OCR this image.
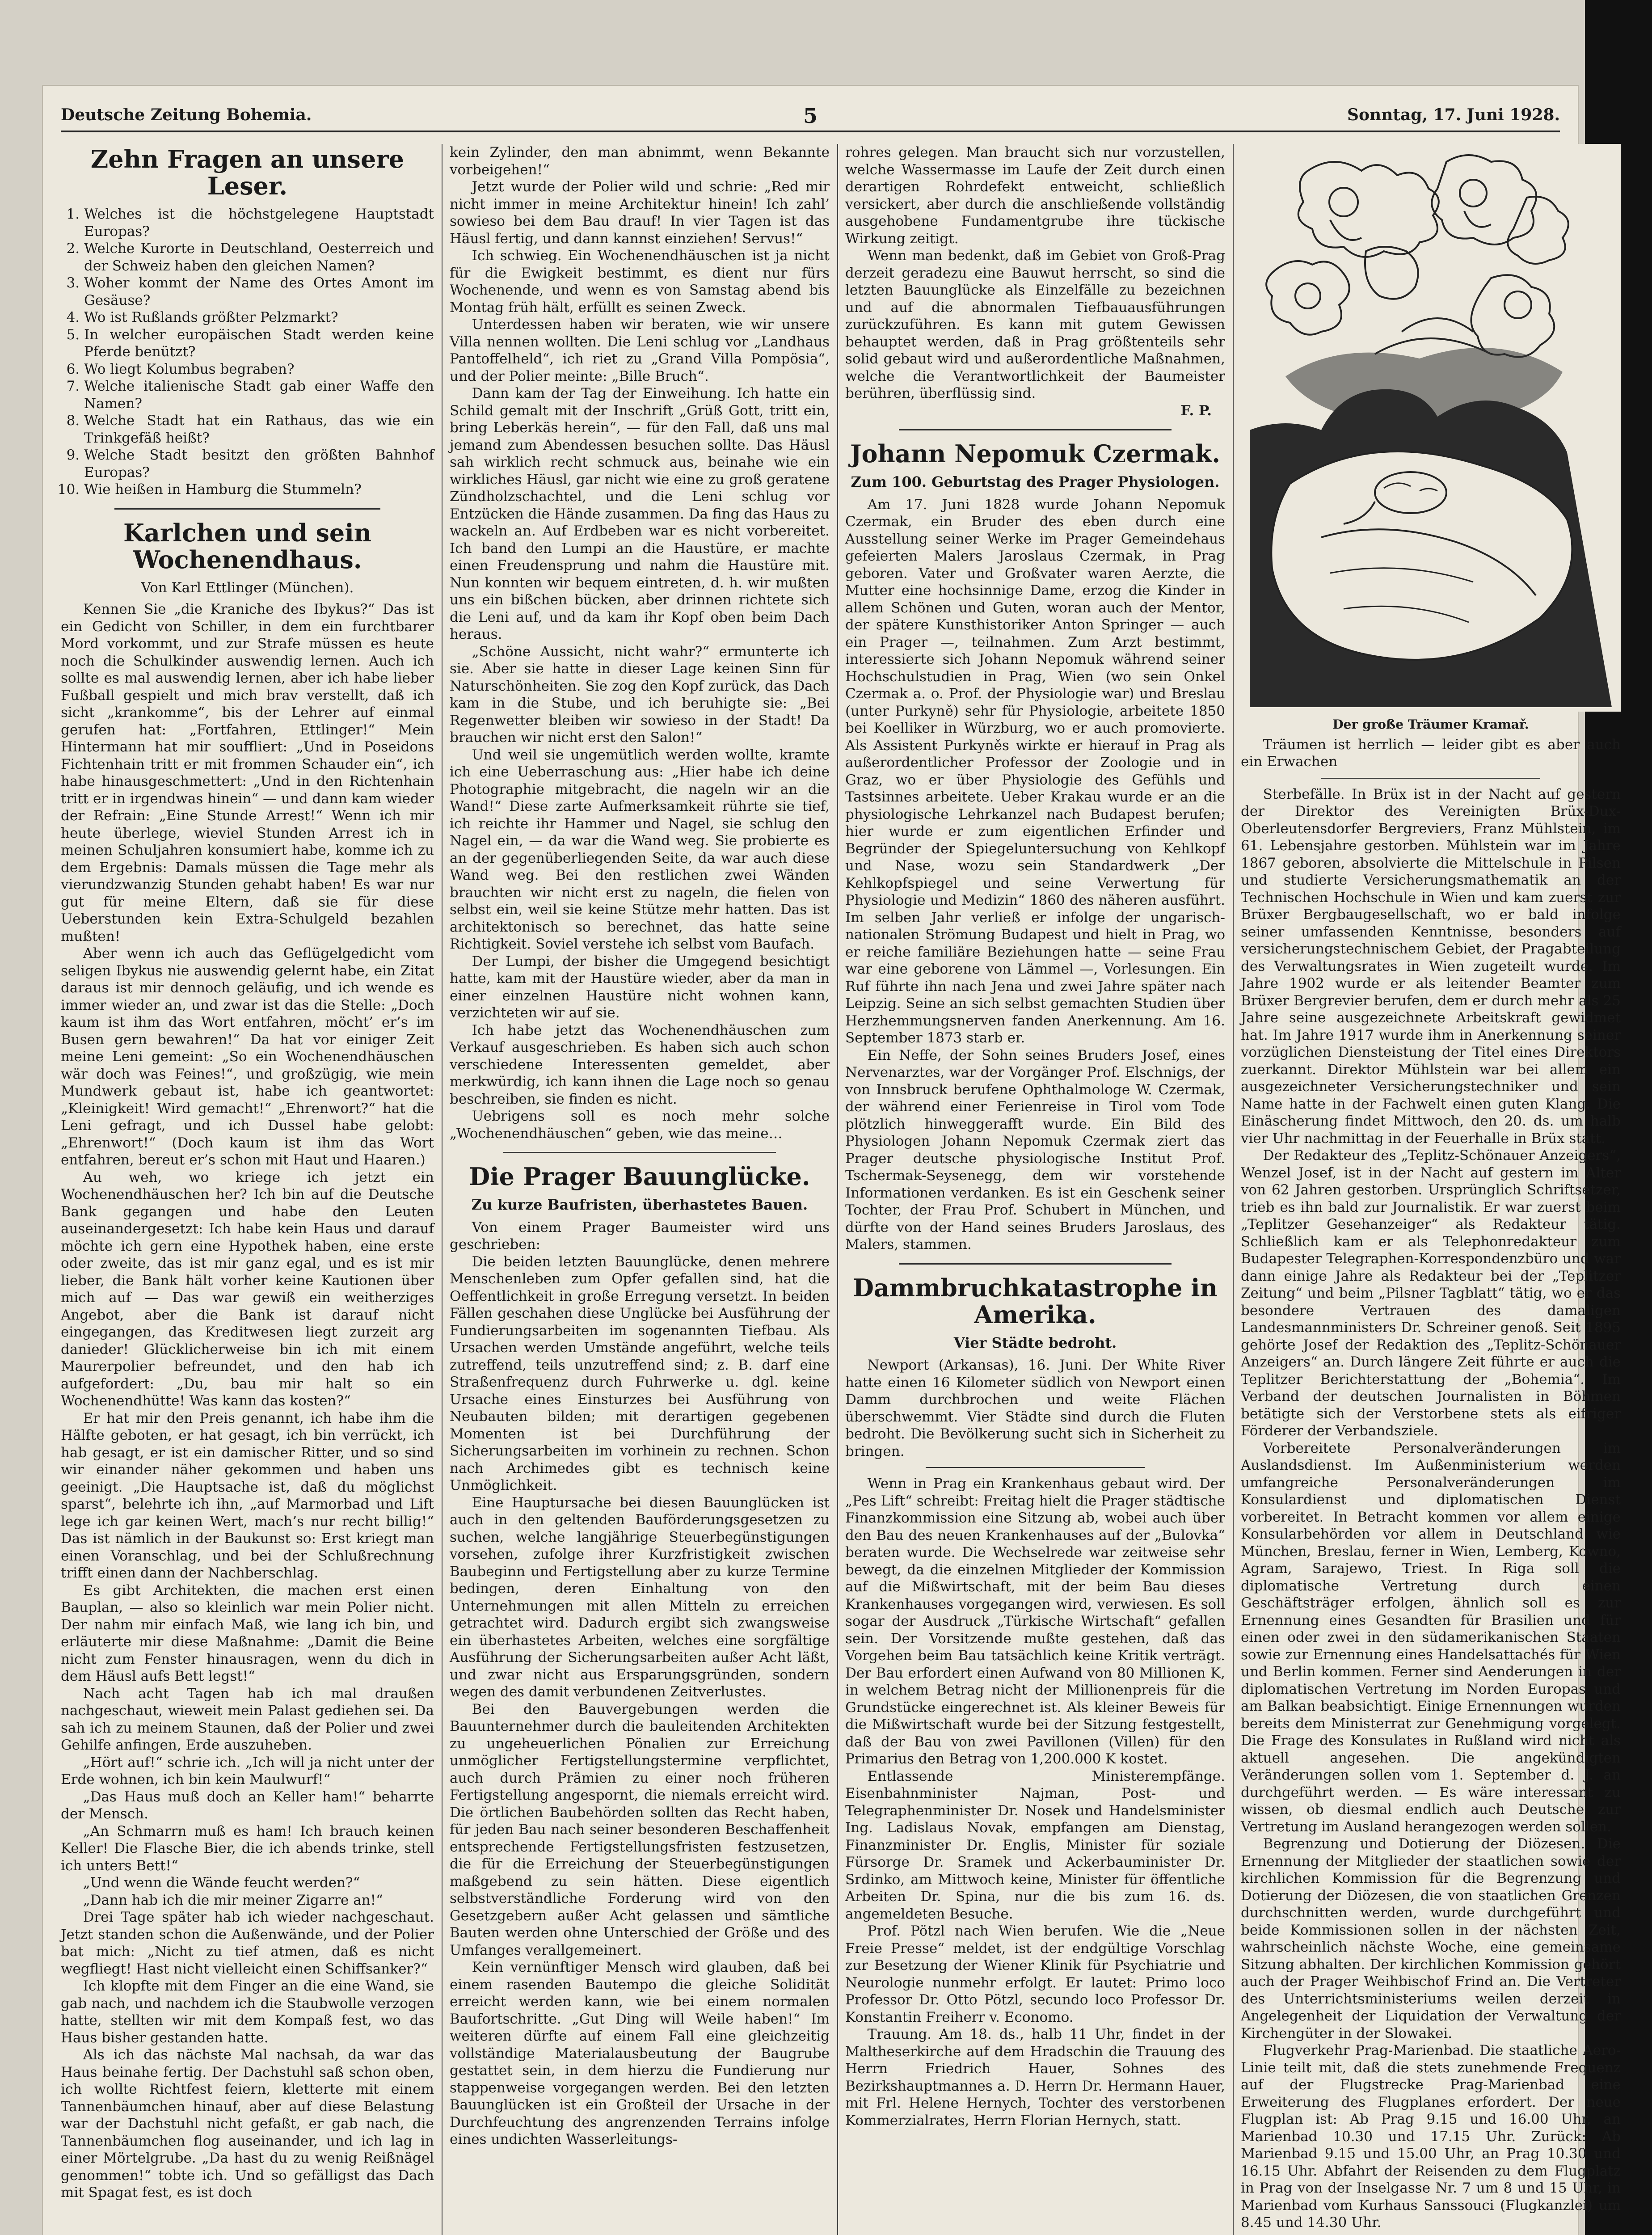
Deutsche Zeitung Bohemia.	5	Sonntag, 17. Juni 1928.
Zehn Fragen an unsere Leser.
1. Welches ist die höchstgelegene Hauptstadt Europas?
2. Welche Kurorte in Deutschland, Oesterreich und der Schweiz haben den gleichen Namen?
3. Woher kommt der Name des Ortes Amont im Gesäuse?
4. Wo ist Rußlands größter Pelzmarkt?
5. In welcher europäischen Stadt werden keine Pferde benützt?
6. Wo liegt Kolumbus begraben?
7. Welche italienische Stadt gab einer Waffe den Namen?
8. Welche Stadt hat ein Rathaus, das wie ein Trinkgefäß heißt?
9. Welche Stadt besitzt den größten Bahnhof Europas?
10. Wie heißen in Hamburg die Stummeln?
Karlchen und sein Wochenendhaus.
Von Karl Ettlinger (München).

Kennen Sie „die Kraniche des Ibykus?“ Das ist ein Gedicht von Schiller, in dem ein furchtbarer Mord vorkommt, und zur Strafe müssen es heute noch die Schulkinder auswendig lernen. Auch ich sollte es mal auswendig lernen, aber ich habe lieber Fußball gespielt und mich brav verstellt, daß ich sicht „krankomme“, bis der Lehrer auf einmal gerufen hat: „Fortfahren, Ettlinger!“ Mein Hintermann hat mir souffliert: „Und in Poseidons Fichtenhain tritt er mit frommen Schauder ein“, ich habe hinausgeschmettert: „Und in den Richtenhain tritt er in irgendwas hinein“ — und dann kam wieder der Refrain: „Eine Stunde Arrest!“ Wenn ich mir heute überlege, wieviel Stunden Arrest ich in meinen Schuljahren konsumiert habe, komme ich zu dem Ergebnis: Damals müssen die Tage mehr als vierundzwanzig Stunden gehabt haben! Es war nur gut für meine Eltern, daß sie für diese Ueberstunden kein Extra-Schulgeld bezahlen mußten!

Aber wenn ich auch das Geflügelgedicht vom seligen Ibykus nie auswendig gelernt habe, ein Zitat daraus ist mir dennoch geläufig, und ich wende es immer wieder an, und zwar ist das die Stelle: „Doch kaum ist ihm das Wort entfahren, möcht’ er’s im Busen gern bewahren!“ Da hat vor einiger Zeit meine Leni gemeint: „So ein Wochenendhäuschen wär doch was Feines!“, und großzügig, wie mein Mundwerk gebaut ist, habe ich geantwortet: „Kleinigkeit! Wird gemacht!“ „Ehrenwort?“ hat die Leni gefragt, und ich Dussel habe gelobt: „Ehrenwort!“ (Doch kaum ist ihm das Wort entfahren, bereut er’s schon mit Haut und Haaren.)

Au weh, wo kriege ich jetzt ein Wochenendhäuschen her? Ich bin auf die Deutsche Bank gegangen und habe den Leuten auseinandergesetzt: Ich habe kein Haus und darauf möchte ich gern eine Hypothek haben, eine erste oder zweite, das ist mir ganz egal, und es ist mir lieber, die Bank hält vorher keine Kautionen über mich auf — Das war gewiß ein weitherziges Angebot, aber die Bank ist darauf nicht eingegangen, das Kreditwesen liegt zurzeit arg danieder! Glücklicherweise bin ich mit einem Maurerpolier befreundet, und den hab ich aufgefordert: „Du, bau mir halt so ein Wochenendhütte! Was kann das kosten?“

Er hat mir den Preis genannt, ich habe ihm die Hälfte geboten, er hat gesagt, ich bin verrückt, ich hab gesagt, er ist ein damischer Ritter, und so sind wir einander näher gekommen und haben uns geeinigt. „Die Hauptsache ist, daß du möglichst sparst“, belehrte ich ihn, „auf Marmorbad und Lift lege ich gar keinen Wert, mach’s nur recht billig!“ Das ist nämlich in der Baukunst so: Erst kriegt man einen Voranschlag, und bei der Schlußrechnung trifft einen dann der Nachberschlag.

Es gibt Architekten, die machen erst einen Bauplan, — also so kleinlich war mein Polier nicht. Der nahm mir einfach Maß, wie lang ich bin, und erläuterte mir diese Maßnahme: „Damit die Beine nicht zum Fenster hinausragen, wenn du dich in dem Häusl aufs Bett legst!“

Nach acht Tagen hab ich mal draußen nachgeschaut, wieweit mein Palast gediehen sei. Da sah ich zu meinem Staunen, daß der Polier und zwei Gehilfe anfingen, Erde auszuheben.

„Hört auf!“ schrie ich. „Ich will ja nicht unter der Erde wohnen, ich bin kein Maulwurf!“

„Das Haus muß doch an Keller ham!“ beharrte der Mensch.

„An Schmarrn muß es ham! Ich brauch keinen Keller! Die Flasche Bier, die ich abends trinke, stell ich unters Bett!“

„Und wenn die Wände feucht werden?“

„Dann hab ich die mir meiner Zigarre an!“

Drei Tage später hab ich wieder nachgeschaut. Jetzt standen schon die Außenwände, und der Polier bat mich: „Nicht zu tief atmen, daß es nicht wegfliegt! Hast nicht vielleicht einen Schiffsanker?“

Ich klopfte mit dem Finger an die eine Wand, sie gab nach, und nachdem ich die Staubwolle verzogen hatte, stellten wir mit dem Kompaß fest, wo das Haus bisher gestanden hatte.

Als ich das nächste Mal nachsah, da war das Haus beinahe fertig. Der Dachstuhl saß schon oben, ich wollte Richtfest feiern, kletterte mit einem Tannenbäumchen hinauf, aber auf diese Belastung war der Dachstuhl nicht gefaßt, er gab nach, die Tannenbäumchen flog auseinander, und ich lag in einer Mörtelgrube. „Da hast du zu wenig Reißnägel genommen!“ tobte ich. Und so gefälligst das Dach mit Spagat fest, es ist doch

kein Zylinder, den man abnimmt, wenn Bekannte vorbeigehen!“

Jetzt wurde der Polier wild und schrie: „Red mir nicht immer in meine Architektur hinein! Ich zahl’ sowieso bei dem Bau drauf! In vier Tagen ist das Häusl fertig, und dann kannst einziehen! Servus!“

Ich schwieg. Ein Wochenendhäuschen ist ja nicht für die Ewigkeit bestimmt, es dient nur fürs Wochenende, und wenn es von Samstag abend bis Montag früh hält, erfüllt es seinen Zweck.

Unterdessen haben wir beraten, wie wir unsere Villa nennen wollten. Die Leni schlug vor „Landhaus Pantoffelheld“, ich riet zu „Grand Villa Pompösia“, und der Polier meinte: „Bille Bruch“.

Dann kam der Tag der Einweihung. Ich hatte ein Schild gemalt mit der Inschrift „Grüß Gott, tritt ein, bring Leberkäs herein“, — für den Fall, daß uns mal jemand zum Abendessen besuchen sollte. Das Häusl sah wirklich recht schmuck aus, beinahe wie ein wirkliches Häusl, gar nicht wie eine zu groß geratene Zündholzschachtel, und die Leni schlug vor Entzücken die Hände zusammen. Da fing das Haus zu wackeln an. Auf Erdbeben war es nicht vorbereitet. Ich band den Lumpi an die Haustüre, er machte einen Freudensprung und nahm die Haustüre mit. Nun konnten wir bequem eintreten, d. h. wir mußten uns ein bißchen bücken, aber drinnen richtete sich die Leni auf, und da kam ihr Kopf oben beim Dach heraus.

„Schöne Aussicht, nicht wahr?“ ermunterte ich sie. Aber sie hatte in dieser Lage keinen Sinn für Naturschönheiten. Sie zog den Kopf zurück, das Dach kam in die Stube, und ich beruhigte sie: „Bei Regenwetter bleiben wir sowieso in der Stadt! Da brauchen wir nicht erst den Salon!“

Und weil sie ungemütlich werden wollte, kramte ich eine Ueberraschung aus: „Hier habe ich deine Photographie mitgebracht, die nageln wir an die Wand!“ Diese zarte Aufmerksamkeit rührte sie tief, ich reichte ihr Hammer und Nagel, sie schlug den Nagel ein, — da war die Wand weg. Sie probierte es an der gegenüberliegenden Seite, da war auch diese Wand weg. Bei den restlichen zwei Wänden brauchten wir nicht erst zu nageln, die fielen von selbst ein, weil sie keine Stütze mehr hatten. Das ist architektonisch so berechnet, das hatte seine Richtigkeit. Soviel verstehe ich selbst vom Baufach.

Der Lumpi, der bisher die Umgegend besichtigt hatte, kam mit der Haustüre wieder, aber da man in einer einzelnen Haustüre nicht wohnen kann, verzichteten wir auf sie.

Ich habe jetzt das Wochenendhäuschen zum Verkauf ausgeschrieben. Es haben sich auch schon verschiedene Interessenten gemeldet, aber merkwürdig, ich kann ihnen die Lage noch so genau beschreiben, sie finden es nicht.

Uebrigens soll es noch mehr solche „Wochenendhäuschen“ geben, wie das meine…

Die Prager Bauunglücke.
Zu kurze Baufristen, überhastetes Bauen.

Von einem Prager Baumeister wird uns geschrieben:

Die beiden letzten Bauunglücke, denen mehrere Menschenleben zum Opfer gefallen sind, hat die Oeffentlichkeit in große Erregung versetzt. In beiden Fällen geschahen diese Unglücke bei Ausführung der Fundierungsarbeiten im sogenannten Tiefbau. Als Ursachen werden Umstände angeführt, welche teils zutreffend, teils unzutreffend sind; z. B. darf eine Straßenfrequenz durch Fuhrwerke u. dgl. keine Ursache eines Einsturzes bei Ausführung von Neubauten bilden; mit derartigen gegebenen Momenten ist bei Durchführung der Sicherungsarbeiten im vorhinein zu rechnen. Schon nach Archimedes gibt es technisch keine Unmöglichkeit.

Eine Hauptursache bei diesen Bauunglücken ist auch in den geltenden Bauförderungsgesetzen zu suchen, welche langjährige Steuerbegünstigungen vorsehen, zufolge ihrer Kurzfristigkeit zwischen Baubeginn und Fertigstellung aber zu kurze Termine bedingen, deren Einhaltung von den Unternehmungen mit allen Mitteln zu erreichen getrachtet wird. Dadurch ergibt sich zwangsweise ein überhastetes Arbeiten, welches eine sorgfältige Ausführung der Sicherungsarbeiten außer Acht läßt, und zwar nicht aus Ersparungsgründen, sondern wegen des damit verbundenen Zeitverlustes.

Bei den Bauvergebungen werden die Bauunternehmer durch die bauleitenden Architekten zu ungeheuerlichen Pönalien zur Erreichung unmöglicher Fertigstellungstermine verpflichtet, auch durch Prämien zu einer noch früheren Fertigstellung angespornt, die niemals erreicht wird. Die örtlichen Baubehörden sollten das Recht haben, für jeden Bau nach seiner besonderen Beschaffenheit entsprechende Fertigstellungsfristen festzusetzen, die für die Erreichung der Steuerbegünstigungen maßgebend zu sein hätten. Diese eigentlich selbstverständliche Forderung wird von den Gesetzgebern außer Acht gelassen und sämtliche Bauten werden ohne Unterschied der Größe und des Umfanges verallgemeinert.

Kein vernünftiger Mensch wird glauben, daß bei einem rasenden Bautempo die gleiche Solidität erreicht werden kann, wie bei einem normalen Baufortschritte. „Gut Ding will Weile haben!“ Im weiteren dürfte auf einem Fall eine gleichzeitig vollständige Materialausbeutung der Baugrube gestattet sein, in dem hierzu die Fundierung nur stappenweise vorgegangen werden. Bei den letzten Bauunglücken ist ein Großteil der Ursache in der Durchfeuchtung des angrenzenden Terrains infolge eines undichten Wasserleitungs-

rohres gelegen. Man braucht sich nur vorzustellen, welche Wassermasse im Laufe der Zeit durch einen derartigen Rohrdefekt entweicht, schließlich versickert, aber durch die anschließende vollständig ausgehobene Fundamentgrube ihre tückische Wirkung zeitigt.

Wenn man bedenkt, daß im Gebiet von Groß-Prag derzeit geradezu eine Bauwut herrscht, so sind die letzten Bauunglücke als Einzelfälle zu bezeichnen und auf die abnormalen Tiefbauausführungen zurückzuführen. Es kann mit gutem Gewissen behauptet werden, daß in Prag größtenteils sehr solid gebaut wird und außerordentliche Maßnahmen, welche die Verantwortlichkeit der Baumeister berühren, überflüssig sind.

F. P.
Johann Nepomuk Czermak.
Zum 100. Geburtstag des Prager Physiologen.

Am 17. Juni 1828 wurde Johann Nepomuk Czermak, ein Bruder des eben durch eine Ausstellung seiner Werke im Prager Gemeindehaus gefeierten Malers Jaroslaus Czermak, in Prag geboren. Vater und Großvater waren Aerzte, die Mutter eine hochsinnige Dame, erzog die Kinder in allem Schönen und Guten, woran auch der Mentor, der spätere Kunsthistoriker Anton Springer — auch ein Prager —, teilnahmen. Zum Arzt bestimmt, interessierte sich Johann Nepomuk während seiner Hochschulstudien in Prag, Wien (wo sein Onkel Czermak a. o. Prof. der Physiologie war) und Breslau (unter Purkyně) sehr für Physiologie, arbeitete 1850 bei Koelliker in Würzburg, wo er auch promovierte. Als Assistent Purkyněs wirkte er hierauf in Prag als außerordentlicher Professor der Zoologie und in Graz, wo er über Physiologie des Gefühls und Tastsinnes arbeitete. Ueber Krakau wurde er an die physiologische Lehrkanzel nach Budapest berufen; hier wurde er zum eigentlichen Erfinder und Begründer der Spiegeluntersuchung von Kehlkopf und Nase, wozu sein Standardwerk „Der Kehlkopfspiegel und seine Verwertung für Physiologie und Medizin“ 1860 des näheren ausführt. Im selben Jahr verließ er infolge der ungarisch-nationalen Strömung Budapest und hielt in Prag, wo er reiche familiäre Beziehungen hatte — seine Frau war eine geborene von Lämmel —, Vorlesungen. Ein Ruf führte ihn nach Jena und zwei Jahre später nach Leipzig. Seine an sich selbst gemachten Studien über Herzhemmungsnerven fanden Anerkennung. Am 16. September 1873 starb er.

Ein Neffe, der Sohn seines Bruders Josef, eines Nervenarztes, war der Vorgänger Prof. Elschnigs, der von Innsbruck berufene Ophthalmologe W. Czermak, der während einer Ferienreise in Tirol vom Tode plötzlich hinweggerafft wurde. Ein Bild des Physiologen Johann Nepomuk Czermak ziert das Prager deutsche physiologische Institut Prof. Tschermak-Seysenegg, dem wir vorstehende Informationen verdanken. Es ist ein Geschenk seiner Tochter, der Frau Prof. Schubert in München, und dürfte von der Hand seines Bruders Jaroslaus, des Malers, stammen.

Dammbruchkatastrophe in Amerika.
Vier Städte bedroht.

Newport (Arkansas), 16. Juni. Der White River hatte einen 16 Kilometer südlich von Newport einen Damm durchbrochen und weite Flächen überschwemmt. Vier Städte sind durch die Fluten bedroht. Die Bevölkerung sucht sich in Sicherheit zu bringen.

Wenn in Prag ein Krankenhaus gebaut wird. Der „Pes Lift“ schreibt: Freitag hielt die Prager städtische Finanzkommission eine Sitzung ab, wobei auch über den Bau des neuen Krankenhauses auf der „Bulovka“ beraten wurde. Die Wechselrede war zeitweise sehr bewegt, da die einzelnen Mitglieder der Kommission auf die Mißwirtschaft, mit der beim Bau dieses Krankenhauses vorgegangen wird, verwiesen. Es soll sogar der Ausdruck „Türkische Wirtschaft“ gefallen sein. Der Vorsitzende mußte gestehen, daß das Vorgehen beim Bau tatsächlich keine Kritik verträgt. Der Bau erfordert einen Aufwand von 80 Millionen K, in welchem Betrag nicht der Millionenpreis für die Grundstücke eingerechnet ist. Als kleiner Beweis für die Mißwirtschaft wurde bei der Sitzung festgestellt, daß der Bau von zwei Pavillonen (Villen) für den Primarius den Betrag von 1,200.000 K kostet.

Entlassende Ministerempfänge. Eisenbahnminister Najman, Post- und Telegraphenminister Dr. Nosek und Handelsminister Ing. Ladislaus Novak, empfangen am Dienstag, Finanzminister Dr. Englis, Minister für soziale Fürsorge Dr. Sramek und Ackerbauminister Dr. Srdinko, am Mittwoch keine, Minister für öffentliche Arbeiten Dr. Spina, nur die bis zum 16. ds. angemeldeten Besuche.

Prof. Pötzl nach Wien berufen. Wie die „Neue Freie Presse“ meldet, ist der endgültige Vorschlag zur Besetzung der Wiener Klinik für Psychiatrie und Neurologie nunmehr erfolgt. Er lautet: Primo loco Professor Dr. Otto Pötzl, secundo loco Professor Dr. Konstantin Freiherr v. Economo.

Trauung. Am 18. ds., halb 11 Uhr, findet in der Maltheserkirche auf dem Hradschin die Trauung des Herrn Friedrich Hauer, Sohnes des Bezirkshauptmannes a. D. Herrn Dr. Hermann Hauer, mit Frl. Helene Hernych, Tochter des verstorbenen Kommerzialrates, Herrn Florian Hernych, statt.

Der große Träumer Kramař.

Träumen ist herrlich — leider gibt es aber auch ein Erwachen

Sterbefälle. In Brüx ist in der Nacht auf gestern der Direktor des Vereinigten Brüx-Dux-Oberleutensdorfer Bergreviers, Franz Mühlstein, im 61. Lebensjahre gestorben. Mühlstein war im Jahre 1867 geboren, absolvierte die Mittelschule in Pilsen und studierte Versicherungsmathematik an der Technischen Hochschule in Wien und kam zuerst zur Brüxer Bergbaugesellschaft, wo er bald infolge seiner umfassenden Kenntnisse, besonders auf versicherungstechnischem Gebiet, der Pragabteilung des Verwaltungsrates in Wien zugeteilt wurde. Im Jahre 1902 wurde er als leitender Beamter zum Brüxer Bergrevier berufen, dem er durch mehr als 25 Jahre seine ausgezeichnete Arbeitskraft gewidmet hat. Im Jahre 1917 wurde ihm in Anerkennung seiner vorzüglichen Diensteistung der Titel eines Direktors zuerkannt. Direktor Mühlstein war bei allem ein ausgezeichneter Versicherungstechniker und sein Name hatte in der Fachwelt einen guten Klang. Die Einäscherung findet Mittwoch, den 20. ds. um halb vier Uhr nachmittag in der Feuerhalle in Brüx statt.

Der Redakteur des „Teplitz-Schönauer Anzeigers“, Wenzel Josef, ist in der Nacht auf gestern im Alter von 62 Jahren gestorben. Ursprünglich Schriftsetzer, trieb es ihn bald zur Journalistik. Er war zuerst beim „Teplitzer Gesehanzeiger“ als Redakteur tätig. Schließlich kam er als Telephonredakteur zum Budapester Telegraphen-Korrespondenzbüro und war dann einige Jahre als Redakteur bei der „Teplitzer Zeitung“ und beim „Pilsner Tagblatt“ tätig, wo er das besondere Vertrauen des damaligen Landesmannministers Dr. Schreiner genoß. Seit 1895 gehörte Josef der Redaktion des „Teplitz-Schönauer Anzeigers“ an. Durch längere Zeit führte er auch die Teplitzer Berichterstattung der „Bohemia“. Im Verband der deutschen Journalisten in Böhmen betätigte sich der Verstorbene stets als eifriger Förderer der Verbandsziele.

Vorbereitete Personalveränderungen im Auslandsdienst. Im Außenministerium werden umfangreiche Personalveränderungen im Konsulardienst und diplomatischen Dienst vorbereitet. In Betracht kommen vor allem einige Konsularbehörden vor allem in Deutschland wie München, Breslau, ferner in Wien, Lemberg, Kowno, Agram, Sarajewo, Triest. In Riga soll die diplomatische Vertretung durch einen Geschäftsträger erfolgen, ähnlich soll es zur Ernennung eines Gesandten für Brasilien und für einen oder zwei in den südamerikanischen Staaten sowie zur Ernennung eines Handelsattachés für Wien und Berlin kommen. Ferner sind Aenderungen in der diplomatischen Vertretung im Norden Europas und am Balkan beabsichtigt. Einige Ernennungen wurden bereits dem Ministerrat zur Genehmigung vorgelegt. Die Frage des Konsulates in Rußland wird nicht als aktuell angesehen. Die angekündigten Veränderungen sollen vom 1. September d. J. an durchgeführt werden. — Es wäre interessant zu wissen, ob diesmal endlich auch Deutsche zur Vertretung im Ausland herangezogen werden sollen.

Begrenzung und Dotierung der Diözesen. Die Ernennung der Mitglieder der staatlichen sowie der kirchlichen Kommission für die Begrenzung und Dotierung der Diözesen, die von staatlichen Grenzen durchschnitten werden, wurde durchgeführt und beide Kommissionen sollen in der nächsten Zeit, wahrscheinlich nächste Woche, eine gemeinsame Sitzung abhalten. Der kirchlichen Kommission gehört auch der Prager Weihbischof Frind an. Die Vertreter des Unterrichtsministeriums weilen derzeit in Angelegenheit der Liquidation der Verwaltung der Kirchengüter in der Slowakei.

Flugverkehr Prag-Marienbad. Die staatliche Aero-Linie teilt mit, daß die stets zunehmende Frequenz auf der Flugstrecke Prag-Marienbad eine Erweiterung des Flugplanes erfordert. Der neue Flugplan ist: Ab Prag 9.15 und 16.00 Uhr, an Marienbad 10.30 und 17.15 Uhr. Zurück: Ab Marienbad 9.15 und 15.00 Uhr, an Prag 10.30 und 16.15 Uhr. Abfahrt der Reisenden zu dem Flugplatz in Prag von der Inselgasse Nr. 7 um 8 und 15 Uhr, in Marienbad vom Kurhaus Sanssouci (Flugkanzlei) um 8.45 und 14.30 Uhr.
